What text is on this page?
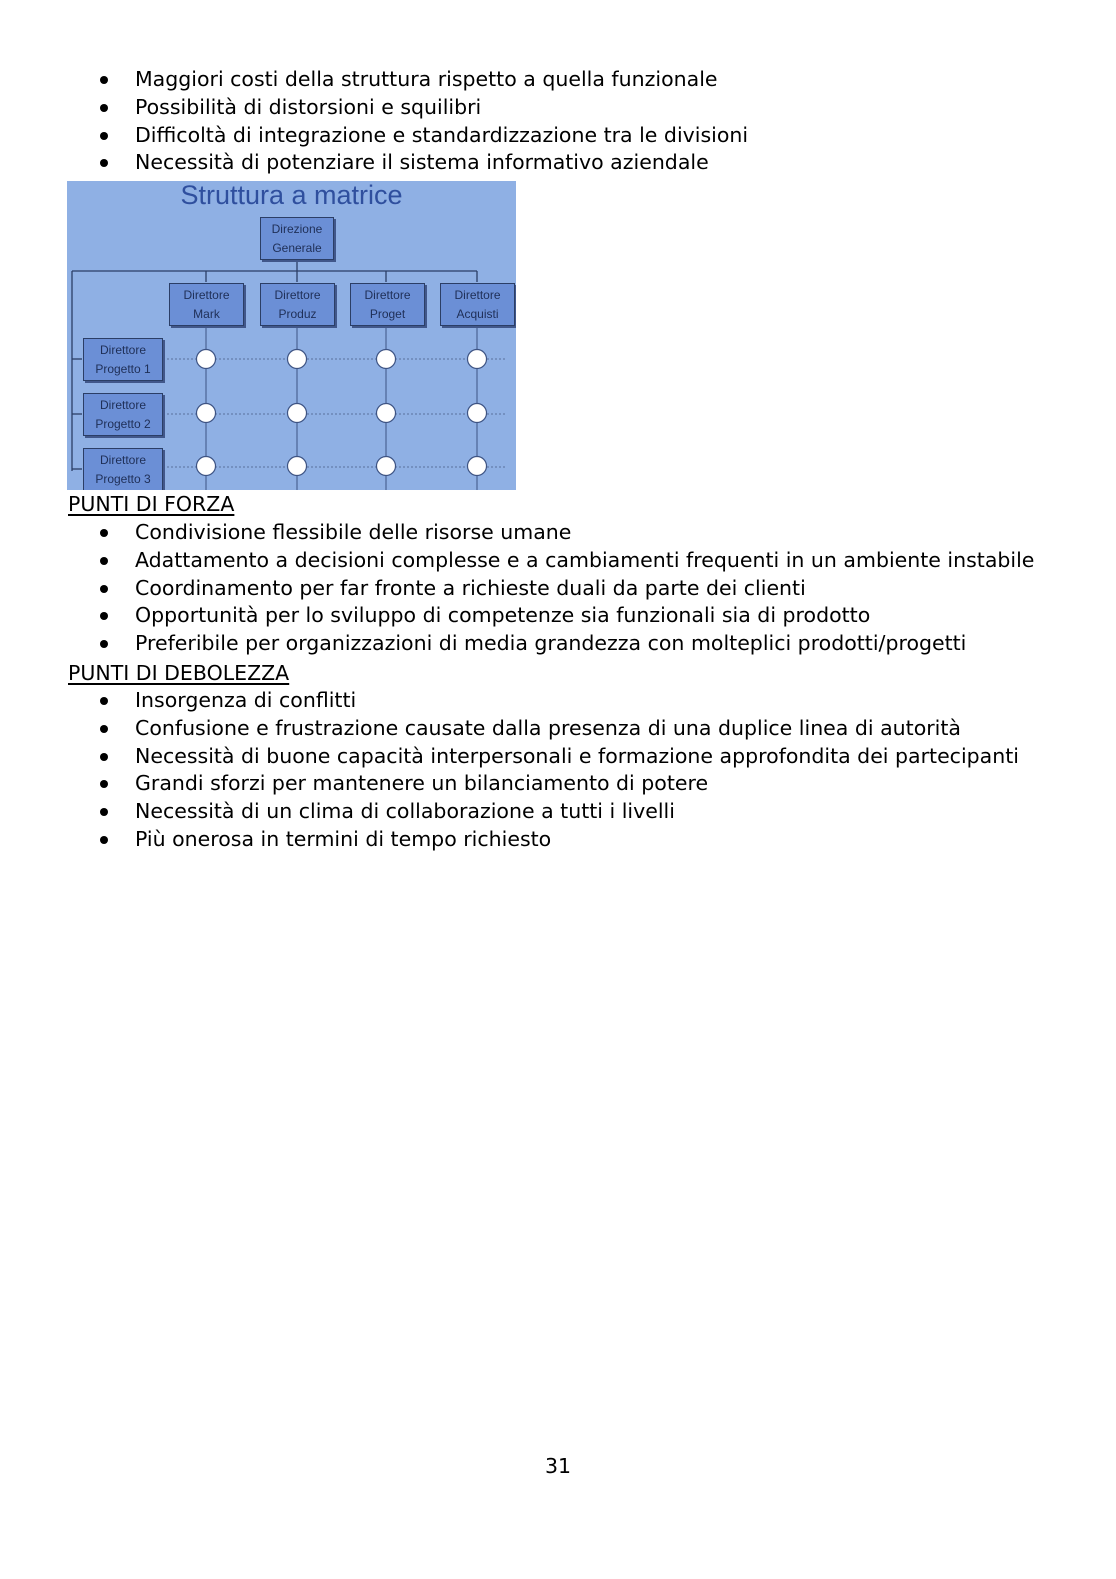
Maggiori costi della struttura rispetto a quella funzionale
Possibilità di distorsioni e squilibri
Difficoltà di integrazione e standardizzazione tra le divisioni
Necessità di potenziare il sistema informativo aziendale
Struttura a matrice
Direzione
Generale
Direttore
Mark
Direttore
Produz
Direttore
Proget
Direttore
Acquisti
Direttore
Progetto 1
Direttore
Progetto 2
Direttore
Progetto 3
PUNTI DI FORZA
Condivisione flessibile delle risorse umane
Adattamento a decisioni complesse e a cambiamenti frequenti in un ambiente instabile
Coordinamento per far fronte a richieste duali da parte dei clienti
Opportunità per lo sviluppo di competenze sia funzionali sia di prodotto
Preferibile per organizzazioni di media grandezza con molteplici prodotti/progetti
PUNTI DI DEBOLEZZA
Insorgenza di conflitti
Confusione e frustrazione causate dalla presenza di una duplice linea di autorità
Necessità di buone capacità interpersonali e formazione approfondita dei partecipanti
Grandi sforzi per mantenere un bilanciamento di potere
Necessità di un clima di collaborazione a tutti i livelli
Più onerosa in termini di tempo richiesto
31
